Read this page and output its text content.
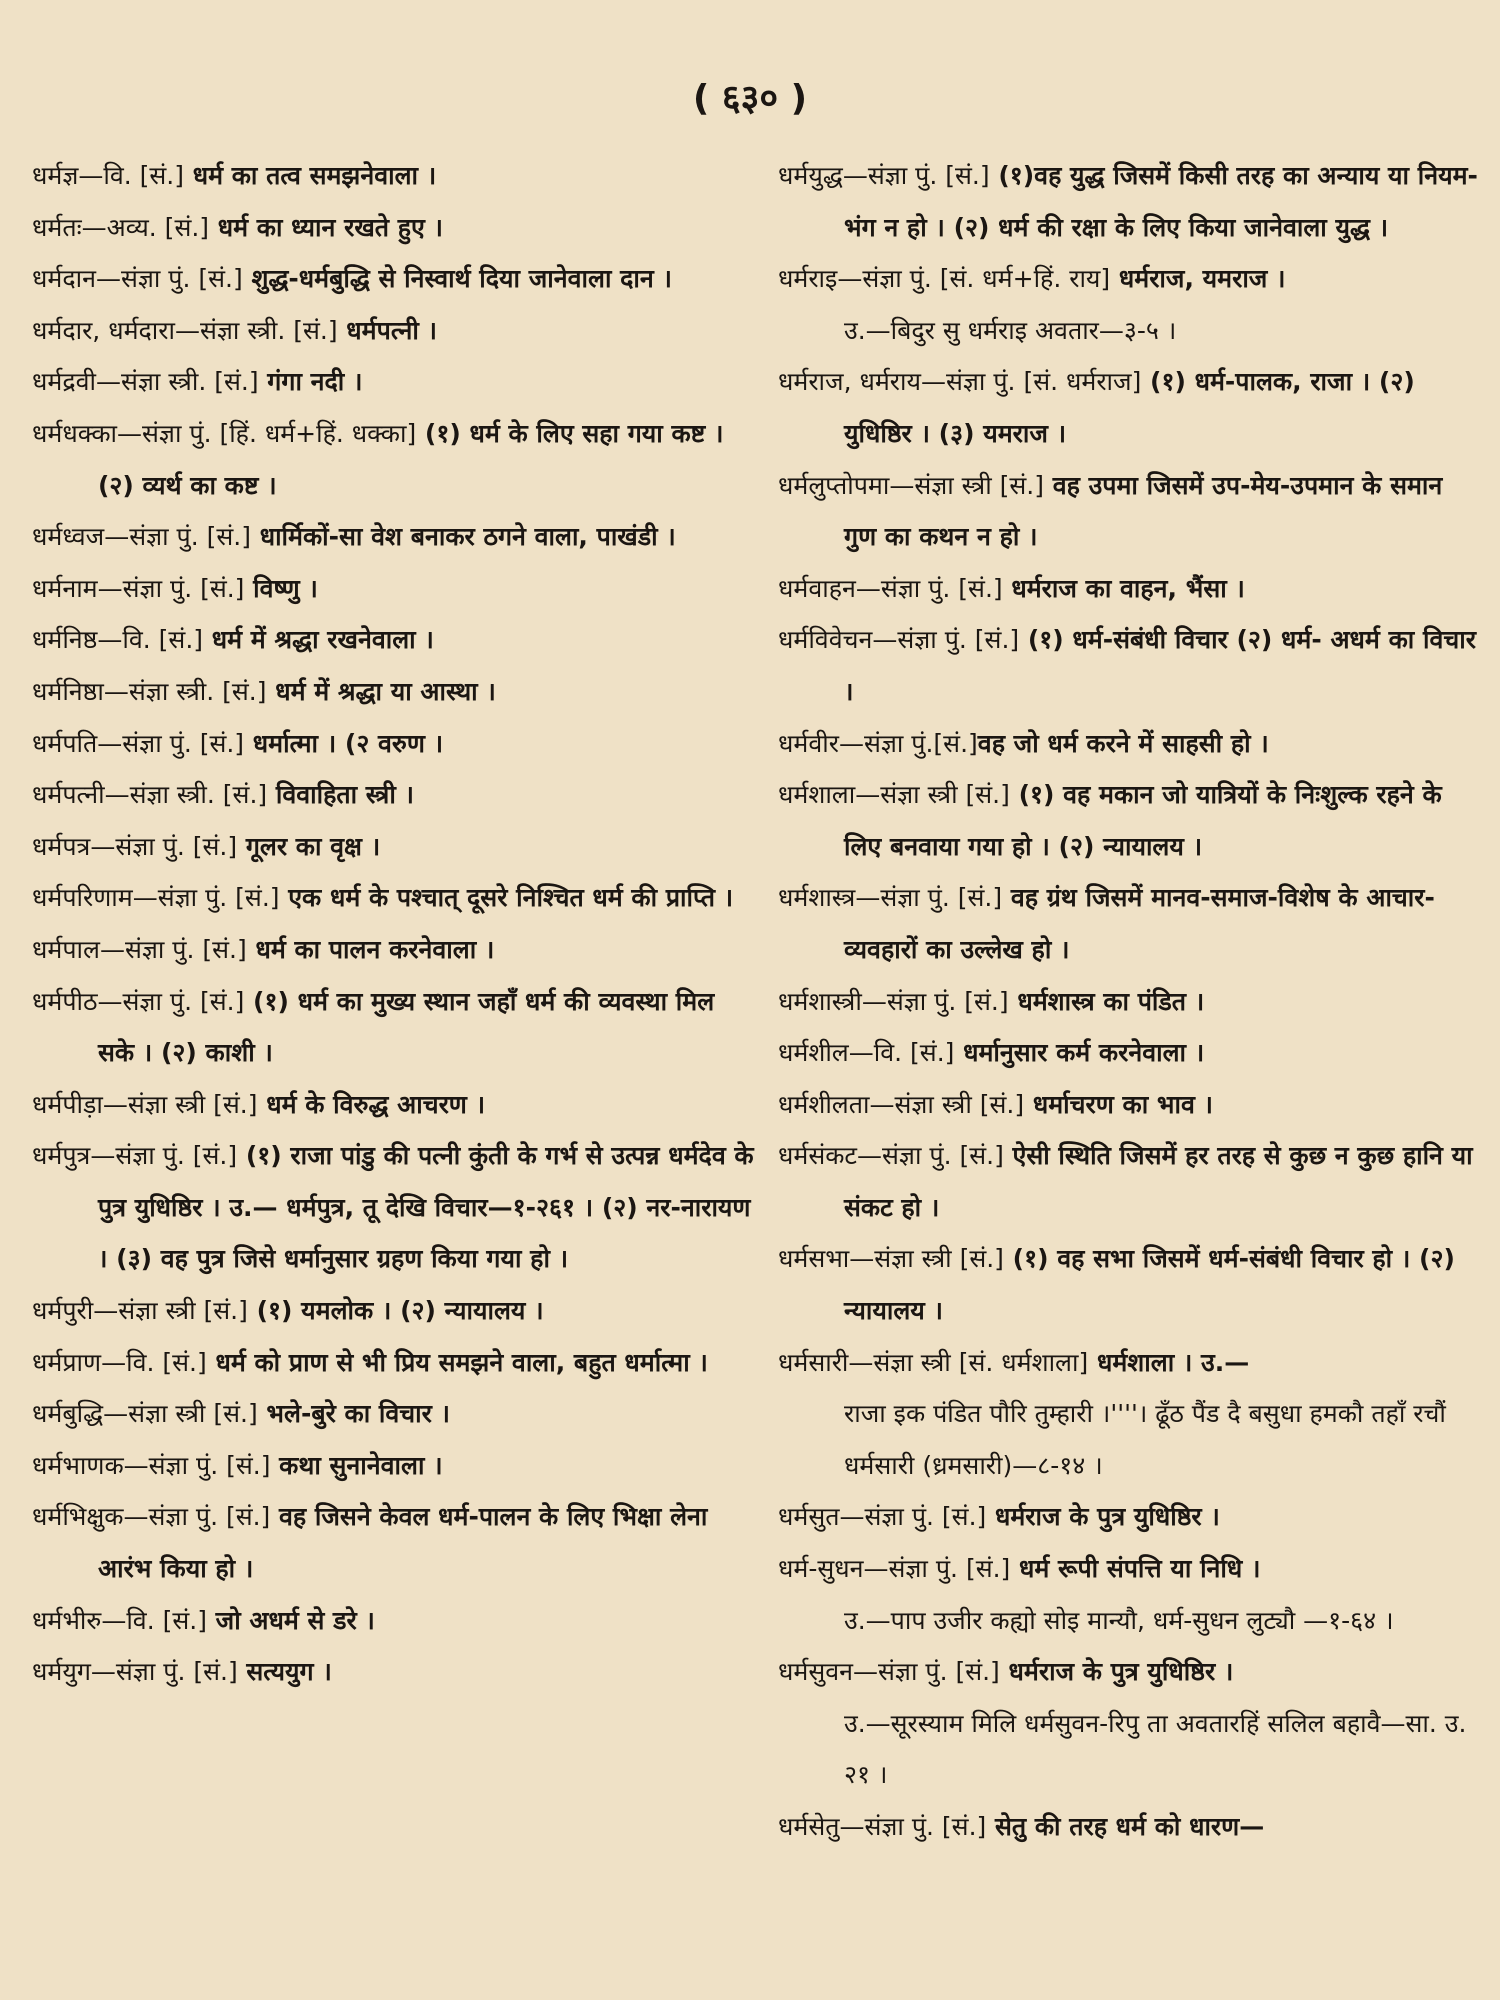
( ६३० )

धर्मज्ञ—वि. [सं.] धर्म का तत्व समझनेवाला ।

धर्मतः—अव्य. [सं.] धर्म का ध्यान रखते हुए ।

धर्मदान—संज्ञा पुं. [सं.] शुद्ध-धर्मबुद्धि से निस्वार्थ दिया जानेवाला दान ।

धर्मदार, धर्मदारा—संज्ञा स्त्री. [सं.] धर्मपत्नी ।

धर्मद्रवी—संज्ञा स्त्री. [सं.] गंगा नदी ।

धर्मधक्का—संज्ञा पुं. [हिं. धर्म+हिं. धक्का] (१) धर्म के लिए सहा गया कष्ट । (२) व्यर्थ का कष्ट ।

धर्मध्वज—संज्ञा पुं. [सं.] धार्मिकों-सा वेश बनाकर ठगने वाला, पाखंडी ।

धर्मनाम—संज्ञा पुं. [सं.] विष्णु ।

धर्मनिष्ठ—वि. [सं.] धर्म में श्रद्धा रखनेवाला ।

धर्मनिष्ठा—संज्ञा स्त्री. [सं.] धर्म में श्रद्धा या आस्था ।

धर्मपति—संज्ञा पुं. [सं.] धर्मात्मा । (२ वरुण ।

धर्मपत्नी—संज्ञा स्त्री. [सं.] विवाहिता स्त्री ।

धर्मपत्र—संज्ञा पुं. [सं.] गूलर का वृक्ष ।

धर्मपरिणाम—संज्ञा पुं. [सं.] एक धर्म के पश्चात् दूसरे निश्चित धर्म की प्राप्ति ।

धर्मपाल—संज्ञा पुं. [सं.] धर्म का पालन करनेवाला ।

धर्मपीठ—संज्ञा पुं. [सं.] (१) धर्म का मुख्य स्थान जहाँ धर्म की व्यवस्था मिल सके । (२) काशी ।

धर्मपीड़ा—संज्ञा स्त्री [सं.] धर्म के विरुद्ध आचरण ।

धर्मपुत्र—संज्ञा पुं. [सं.] (१) राजा पांडु की पत्नी कुंती के गर्भ से उत्पन्न धर्मदेव के पुत्र युधिष्ठिर । उ.— धर्मपुत्र, तू देखि विचार—१-२६१ । (२) नर-नारायण । (३) वह पुत्र जिसे धर्मानुसार ग्रहण किया गया हो ।

धर्मपुरी—संज्ञा स्त्री [सं.] (१) यमलोक । (२) न्यायालय ।

धर्मप्राण—वि. [सं.] धर्म को प्राण से भी प्रिय समझने वाला, बहुत धर्मात्मा ।

धर्मबुद्धि—संज्ञा स्त्री [सं.] भले-बुरे का विचार ।

धर्मभाणक—संज्ञा पुं. [सं.] कथा सुनानेवाला ।

धर्मभिक्षुक—संज्ञा पुं. [सं.] वह जिसने केवल धर्म-पालन के लिए भिक्षा लेना आरंभ किया हो ।

धर्मभीरु—वि. [सं.] जो अधर्म से डरे ।

धर्मयुग—संज्ञा पुं. [सं.] सत्ययुग ।

धर्मयुद्ध—संज्ञा पुं. [सं.] (१)वह युद्ध जिसमें किसी तरह का अन्याय या नियम-भंग न हो । (२) धर्म की रक्षा के लिए किया जानेवाला युद्ध ।

धर्मराइ—संज्ञा पुं. [सं. धर्म+हिं. राय] धर्मराज, यमराज ।

उ.—बिदुर सु धर्मराइ अवतार—३-५ ।

धर्मराज, धर्मराय—संज्ञा पुं. [सं. धर्मराज] (१) धर्म-पालक, राजा । (२) युधिष्ठिर । (३) यमराज ।

धर्मलुप्तोपमा—संज्ञा स्त्री [सं.] वह उपमा जिसमें उप-मेय-उपमान के समान गुण का कथन न हो ।

धर्मवाहन—संज्ञा पुं. [सं.] धर्मराज का वाहन, भैंसा ।

धर्मविवेचन—संज्ञा पुं. [सं.] (१) धर्म-संबंधी विचार (२) धर्म- अधर्म का विचार ।

धर्मवीर—संज्ञा पुं.[सं.]वह जो धर्म करने में साहसी हो ।

धर्मशाला—संज्ञा स्त्री [सं.] (१) वह मकान जो यात्रियों के निःशुल्क रहने के लिए बनवाया गया हो । (२) न्यायालय ।

धर्मशास्त्र—संज्ञा पुं. [सं.] वह ग्रंथ जिसमें मानव-समाज-विशेष के आचार-व्यवहारों का उल्लेख हो ।

धर्मशास्त्री—संज्ञा पुं. [सं.] धर्मशास्त्र का पंडित ।

धर्मशील—वि. [सं.] धर्मानुसार कर्म करनेवाला ।

धर्मशीलता—संज्ञा स्त्री [सं.] धर्माचरण का भाव ।

धर्मसंकट—संज्ञा पुं. [सं.] ऐसी स्थिति जिसमें हर तरह से कुछ न कुछ हानि या संकट हो ।

धर्मसभा—संज्ञा स्त्री [सं.] (१) वह सभा जिसमें धर्म-संबंधी विचार हो । (२) न्यायालय ।

धर्मसारी—संज्ञा स्त्री [सं. धर्मशाला] धर्मशाला । उ.—

राजा इक पंडित पौरि तुम्हारी ।''''। ढूँठ पैंड दै बसुधा हमकौ तहाँ रचौं धर्मसारी (ध्रमसारी)—८-१४ ।

धर्मसुत—संज्ञा पुं. [सं.] धर्मराज के पुत्र युधिष्ठिर ।

धर्म-सुधन—संज्ञा पुं. [सं.] धर्म रूपी संपत्ति या निधि ।

उ.—पाप उजीर कह्यो सोइ मान्यौ, धर्म-सुधन लुट्यौ —१-६४ ।

धर्मसुवन—संज्ञा पुं. [सं.] धर्मराज के पुत्र युधिष्ठिर ।

उ.—सूरस्याम मिलि धर्मसुवन-रिपु ता अवतारहिं सलिल बहावै—सा. उ. २१ ।

धर्मसेतु—संज्ञा पुं. [सं.] सेतु की तरह धर्म को धारण—
